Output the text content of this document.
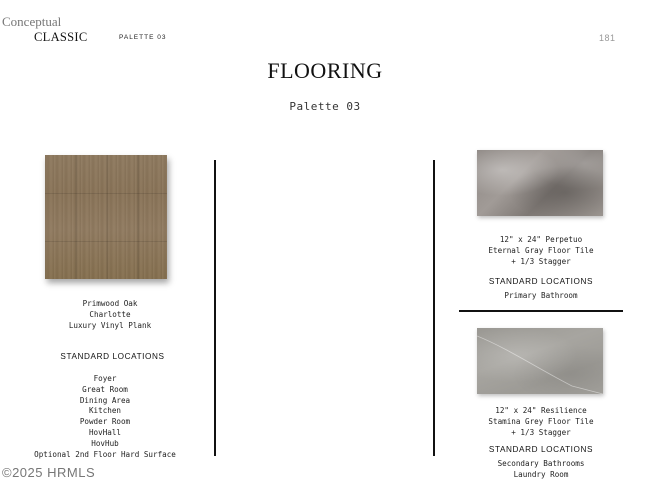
Conceptual
CLASSIC	PALETTE 03	181
FLOORING
Palette 03
Primwood Oak
Charlotte
Luxury Vinyl Plank
STANDARD LOCATIONS
Foyer
Great Room
Dining Area
Kitchen
Powder Room
HovHall
HovHub
Optional 2nd Floor Hard Surface
12" x 24" Perpetuo
Eternal Gray Floor Tile
+ 1/3 Stagger
STANDARD LOCATIONS
Primary Bathroom
12" x 24" Resilience
Stamina Grey Floor Tile
+ 1/3 Stagger
STANDARD LOCATIONS
Secondary Bathrooms
Laundry Room
©2025 HRMLS
